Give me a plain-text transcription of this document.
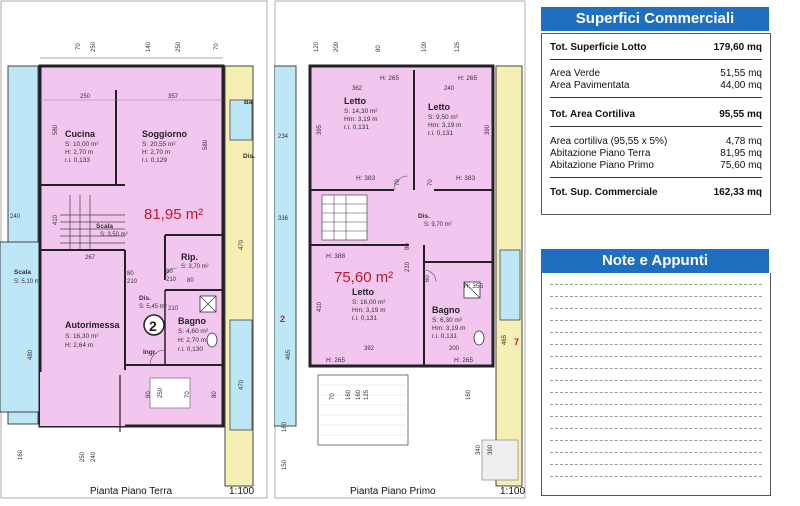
70 250	140	250	70
250	357
Cucina
S: 10,00 m²
H: 2,70 m
r.i. 0,133
Soggiorno
S: 20,55 m²
H: 2,70 m
r.i. 0,129
81,95 m²
Scala
S: 3,50 m²
Rip.
S: 3,70 m²
Dis.
S: 5,45 m²
Autorimessa
S: 16,30 m²
H: 2,64 m
2 Bagno
S: 4,60 m²
H: 2,70 m
r.i. 0,130
Ingr.
Scala
S: 5,10 m²
Ba
Dis.
267
80
210
80
210
210
80
470
480
580
470
410
580
90 250	70	80
160	250 240
240
Pianta Piano Terra	1:100
120 200	80	100	125
H: 265	H: 265
362	240
Letto
S: 14,30 m²
Hm: 3,19 m
r.i. 0,131
Letto
S: 9,50 m²
Hm: 3,19 m
r.i. 0,131
395	390
H: 383	H: 383
70	70
Dis.
S: 9,70 m²
234
336
H: 388
75,60 m²
Letto
S: 16,00 m²
Hm: 3,19 m
r.i. 0,131
80
210
60
410
H: 355
Bagno
S: 6,30 m²
Hm: 3,19 m
r.i. 0,131
392	200
H: 265	H: 265
465
465
150
160
70 160 160 125	160
340 390
2
7
Pianta Piano Primo	1:100
Superfici Commerciali
Tot. Superficie Lotto	179,60 mq
Area Verde	51,55 mq
Area Pavimentata	44,00 mq
Tot. Area Cortiliva	95,55 mq
Area cortiliva (95,55 x 5%)	4,78 mq
Abitazione Piano Terra	81,95 mq
Abitazione Piano Primo	75,60 mq
Tot. Sup. Commerciale	162,33 mq
Note e Appunti
